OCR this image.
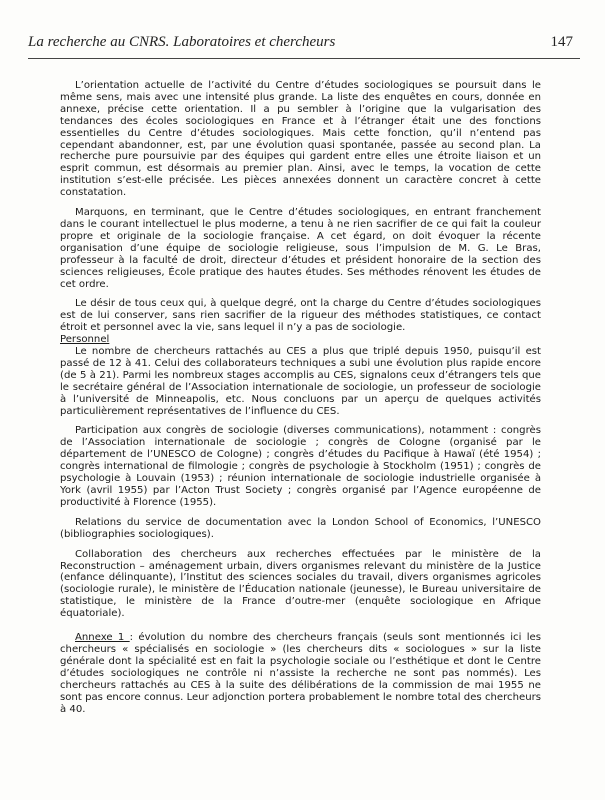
La recherche au CNRS. Laboratoires et chercheurs	147

L’orientation actuelle de l’activité du Centre d’études sociologiques se poursuit dans le même sens, mais avec une intensité plus grande. La liste des enquêtes en cours, donnée en annexe, précise cette orientation. Il a pu sembler à l’origine que la vulgarisation des tendances des écoles sociologiques en France et à l’étranger était une des fonctions essentielles du Centre d’études sociologiques. Mais cette fonction, qu’il n’entend pas cependant abandonner, est, par une évolution quasi spontanée, passée au second plan. La recherche pure poursuivie par des équipes qui gardent entre elles une étroite liaison et un esprit commun, est désormais au premier plan. Ainsi, avec le temps, la vocation de cette institution s’est-elle précisée. Les pièces annexées donnent un caractère concret à cette constatation.

Marquons, en terminant, que le Centre d’études sociologiques, en entrant franchement dans le courant intellectuel le plus moderne, a tenu à ne rien sacrifier de ce qui fait la couleur propre et originale de la sociologie française. A cet égard, on doit évoquer la récente organisation d’une équipe de sociologie religieuse, sous l’impulsion de M. G. Le Bras, professeur à la faculté de droit, directeur d’études et président honoraire de la section des sciences religieuses, École pratique des hautes études. Ses méthodes rénovent les études de cet ordre.

Le désir de tous ceux qui, à quelque degré, ont la charge du Centre d’études sociologiques est de lui conserver, sans rien sacrifier de la rigueur des méthodes statistiques, ce contact étroit et personnel avec la vie, sans lequel il n’y a pas de sociologie.

Personnel

Le nombre de chercheurs rattachés au CES a plus que triplé depuis 1950, puisqu’il est passé de 12 à 41. Celui des collaborateurs techniques a subi une évolution plus rapide encore (de 5 à 21). Parmi les nombreux stages accomplis au CES, signalons ceux d’étrangers tels que le secrétaire général de l’Association internationale de sociologie, un professeur de sociologie à l’université de Minneapolis, etc. Nous concluons par un aperçu de quelques activités particulièrement représentatives de l’influence du CES.

Participation aux congrès de sociologie (diverses communications), notamment : congrès de l’Association internationale de sociologie ; congrès de Cologne (organisé par le département de l’UNESCO de Cologne) ; congrès d’études du Pacifique à Hawaï (été 1954) ; congrès international de filmologie ; congrès de psychologie à Stockholm (1951) ; congrès de psychologie à Louvain (1953) ; réunion internationale de sociologie industrielle organisée à York (avril 1955) par l’Acton Trust Society ; congrès organisé par l’Agence européenne de productivité à Florence (1955).

Relations du service de documentation avec la London School of Economics, l’UNESCO (bibliographies sociologiques).

Collaboration des chercheurs aux recherches effectuées par le ministère de la Reconstruction – aménagement urbain, divers organismes relevant du ministère de la Justice (enfance délinquante), l’Institut des sciences sociales du travail, divers organismes agricoles (sociologie rurale), le ministère de l’Éducation nationale (jeunesse), le Bureau universitaire de statistique, le ministère de la France d’outre-mer (enquête sociologique en Afrique équatoriale).

Annexe 1 : évolution du nombre des chercheurs français (seuls sont mentionnés ici les chercheurs « spécialisés en sociologie » (les chercheurs dits « sociologues » sur la liste générale dont la spécialité est en fait la psychologie sociale ou l’esthétique et dont le Centre d’études sociologiques ne contrôle ni n’assiste la recherche ne sont pas nommés). Les chercheurs rattachés au CES à la suite des délibérations de la commission de mai 1955 ne sont pas encore connus. Leur adjonction portera probablement le nombre total des chercheurs à 40.
